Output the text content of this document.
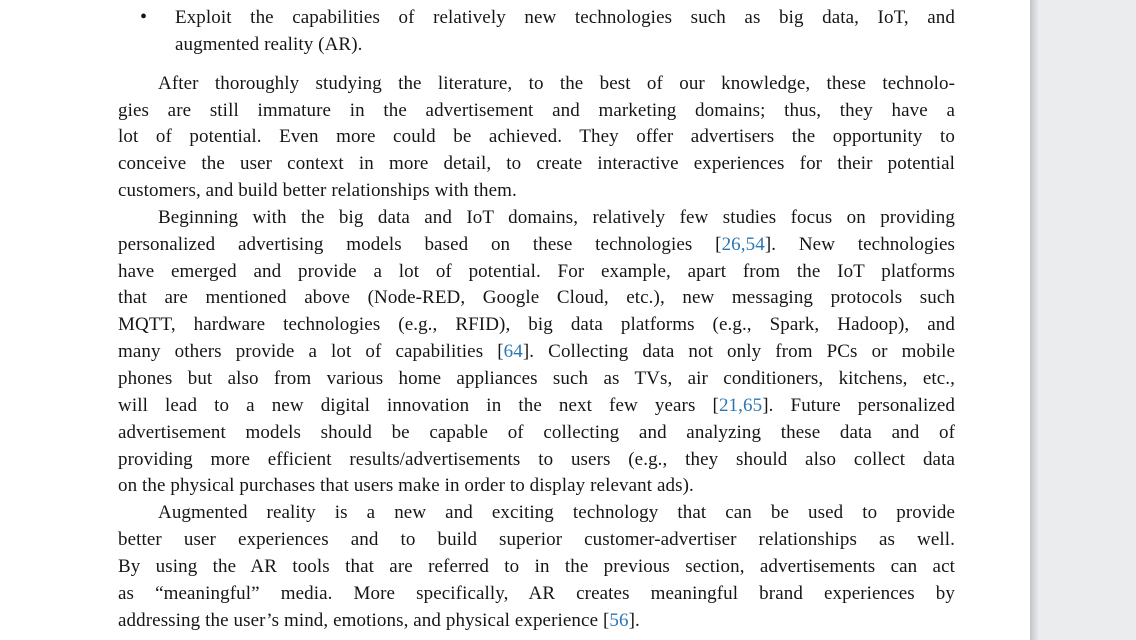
• Exploit the capabilities of relatively new technologies such as big data, IoT, and
augmented reality (AR).
After thoroughly studying the literature, to the best of our knowledge, these technolo-
gies are still immature in the advertisement and marketing domains; thus, they have a
lot of potential. Even more could be achieved. They offer advertisers the opportunity to
conceive the user context in more detail, to create interactive experiences for their potential
customers, and build better relationships with them.
Beginning with the big data and IoT domains, relatively few studies focus on providing
personalized advertising models based on these technologies [26,54]. New technologies
have emerged and provide a lot of potential. For example, apart from the IoT platforms
that are mentioned above (Node-RED, Google Cloud, etc.), new messaging protocols such
MQTT, hardware technologies (e.g., RFID), big data platforms (e.g., Spark, Hadoop), and
many others provide a lot of capabilities [64]. Collecting data not only from PCs or mobile
phones but also from various home appliances such as TVs, air conditioners, kitchens, etc.,
will lead to a new digital innovation in the next few years [21,65]. Future personalized
advertisement models should be capable of collecting and analyzing these data and of
providing more efficient results/advertisements to users (e.g., they should also collect data
on the physical purchases that users make in order to display relevant ads).
Augmented reality is a new and exciting technology that can be used to provide
better user experiences and to build superior customer-advertiser relationships as well.
By using the AR tools that are referred to in the previous section, advertisements can act
as “meaningful” media. More specifically, AR creates meaningful brand experiences by
addressing the user’s mind, emotions, and physical experience [56].
